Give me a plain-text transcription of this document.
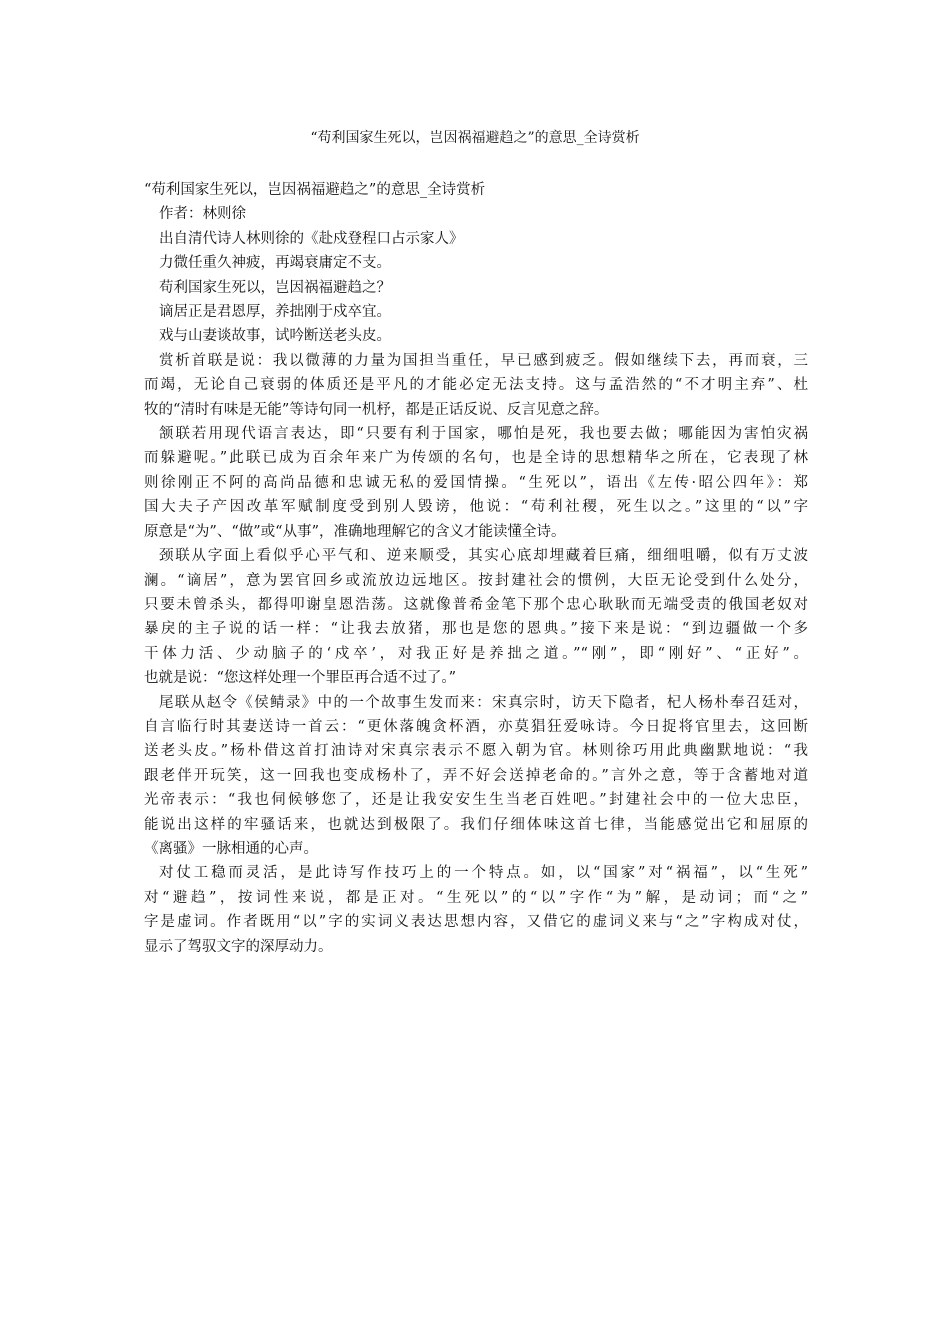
“苟利国家生死以，岂因祸福避趋之”的意思_全诗赏析
“苟利国家生死以，岂因祸福避趋之”的意思_全诗赏析
作者：林则徐
出自清代诗人林则徐的《赴戍登程口占示家人》
力微任重久神疲，再竭衰庸定不支。
苟利国家生死以，岂因祸福避趋之？
谪居正是君恩厚，养拙刚于戍卒宜。
戏与山妻谈故事，试吟断送老头皮。
赏析首联是说：我以微薄的力量为国担当重任，早已感到疲乏。假如继续下去，再而衰，三
而竭，无论自己衰弱的体质还是平凡的才能必定无法支持。这与孟浩然的“不才明主弃”、杜
牧的“清时有味是无能”等诗句同一机杼，都是正话反说、反言见意之辞。
颔联若用现代语言表达，即“只要有利于国家，哪怕是死，我也要去做；哪能因为害怕灾祸
而躲避呢。”此联已成为百余年来广为传颂的名句，也是全诗的思想精华之所在，它表现了林
则徐刚正不阿的高尚品德和忠诚无私的爱国情操。“生死以”，语出《左传·昭公四年》：郑
国大夫子产因改革军赋制度受到别人毁谤，他说：“苟利社稷，死生以之。”这里的“以”字
原意是“为”、“做”或“从事”，准确地理解它的含义才能读懂全诗。
颈联从字面上看似乎心平气和、逆来顺受，其实心底却埋藏着巨痛，细细咀嚼，似有万丈波
澜。“谪居”，意为罢官回乡或流放边远地区。按封建社会的惯例，大臣无论受到什么处分，
只要未曾杀头，都得叩谢皇恩浩荡。这就像普希金笔下那个忠心耿耿而无端受责的俄国老奴对
暴戾的主子说的话一样：“让我去放猪，那也是您的恩典。”接下来是说：“到边疆做一个多
干体力活、少动脑子的‘戍卒’，对我正好是养拙之道。”“刚”，即“刚好”、“正好”。
也就是说：“您这样处理一个罪臣再合适不过了。”
尾联从赵令《侯鲭录》中的一个故事生发而来：宋真宗时，访天下隐者，杞人杨朴奉召廷对，
自言临行时其妻送诗一首云：“更休落魄贪杯酒，亦莫猖狂爱咏诗。今日捉将官里去，这回断
送老头皮。”杨朴借这首打油诗对宋真宗表示不愿入朝为官。林则徐巧用此典幽默地说：“我
跟老伴开玩笑，这一回我也变成杨朴了，弄不好会送掉老命的。”言外之意，等于含蓄地对道
光帝表示：“我也伺候够您了，还是让我安安生生当老百姓吧。”封建社会中的一位大忠臣，
能说出这样的牢骚话来，也就达到极限了。我们仔细体味这首七律，当能感觉出它和屈原的
《离骚》一脉相通的心声。
对仗工稳而灵活，是此诗写作技巧上的一个特点。如，以“国家”对“祸福”，以“生死”
对“避趋”，按词性来说，都是正对。“生死以”的“以”字作“为”解，是动词；而“之”
字是虚词。作者既用“以”字的实词义表达思想内容，又借它的虚词义来与“之”字构成对仗，
显示了驾驭文字的深厚动力。
